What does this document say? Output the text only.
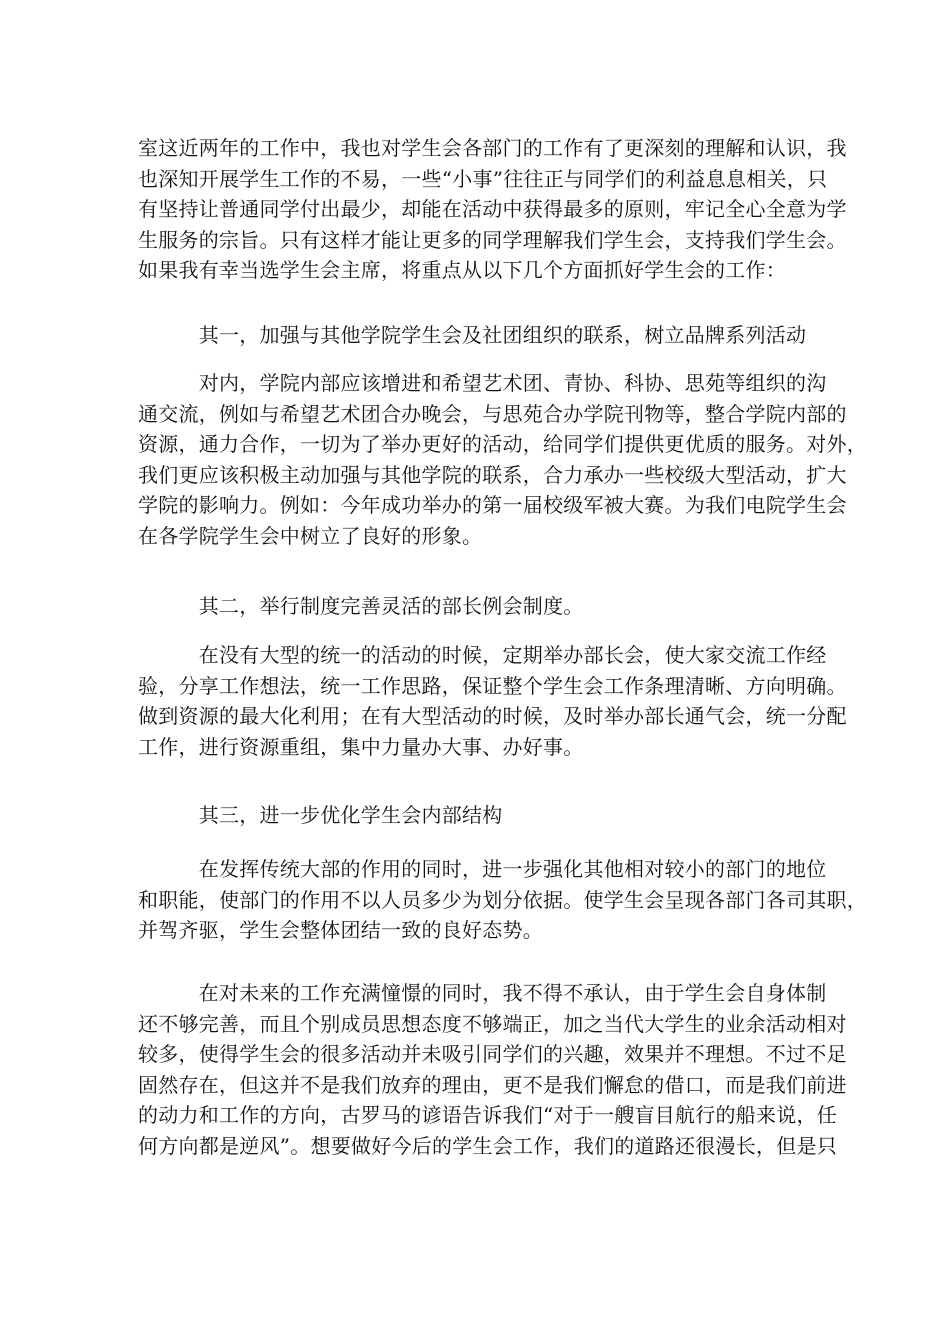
室这近两年的工作中，我也对学生会各部门的工作有了更深刻的理解和认识，我
也深知开展学生工作的不易，一些“小事”往往正与同学们的利益息息相关，只
有坚持让普通同学付出最少，却能在活动中获得最多的原则，牢记全心全意为学
生服务的宗旨。只有这样才能让更多的同学理解我们学生会，支持我们学生会。
如果我有幸当选学生会主席，将重点从以下几个方面抓好学生会的工作：
　　　其一，加强与其他学院学生会及社团组织的联系，树立品牌系列活动
　　　对内，学院内部应该增进和希望艺术团、青协、科协、思苑等组织的沟
通交流，例如与希望艺术团合办晚会，与思苑合办学院刊物等，整合学院内部的
资源，通力合作，一切为了举办更好的活动，给同学们提供更优质的服务。对外，
我们更应该积极主动加强与其他学院的联系，合力承办一些校级大型活动，扩大
学院的影响力。例如：今年成功举办的第一届校级军被大赛。为我们电院学生会
在各学院学生会中树立了良好的形象。
　　　其二，举行制度完善灵活的部长例会制度。
　　　在没有大型的统一的活动的时候，定期举办部长会，使大家交流工作经
验，分享工作想法，统一工作思路，保证整个学生会工作条理清晰、方向明确。
做到资源的最大化利用；在有大型活动的时候，及时举办部长通气会，统一分配
工作，进行资源重组，集中力量办大事、办好事。
　　　其三，进一步优化学生会内部结构
　　　在发挥传统大部的作用的同时，进一步强化其他相对较小的部门的地位
和职能，使部门的作用不以人员多少为划分依据。使学生会呈现各部门各司其职，
并驾齐驱，学生会整体团结一致的良好态势。
　　　在对未来的工作充满憧憬的同时，我不得不承认，由于学生会自身体制
还不够完善，而且个别成员思想态度不够端正，加之当代大学生的业余活动相对
较多，使得学生会的很多活动并未吸引同学们的兴趣，效果并不理想。不过不足
固然存在，但这并不是我们放弃的理由，更不是我们懈怠的借口，而是我们前进
的动力和工作的方向，古罗马的谚语告诉我们“对于一艘盲目航行的船来说，任
何方向都是逆风”。想要做好今后的学生会工作，我们的道路还很漫长，但是只
